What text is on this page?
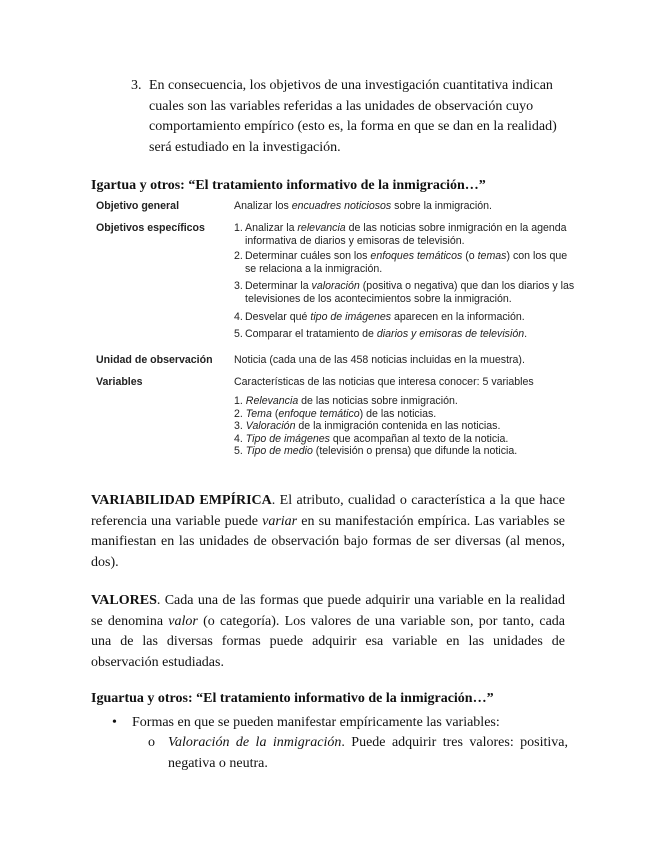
3. En consecuencia, los objetivos de una investigación cuantitativa indican cuales son las variables referidas a las unidades de observación cuyo comportamiento empírico (esto es, la forma en que se dan en la realidad) será estudiado en la investigación.
Igartua y otros: “El tratamiento informativo de la inmigración…”
Objetivo general	Analizar los encuadres noticiosos sobre la inmigración.
Objetivos específicos	1. Analizar la relevancia de las noticias sobre inmigración en la agenda informativa de diarios y emisoras de televisión.
2. Determinar cuáles son los enfoques temáticos (o temas) con los que se relaciona a la inmigración.
3. Determinar la valoración (positiva o negativa) que dan los diarios y las televisiones de los acontecimientos sobre la inmigración.
4. Desvelar qué tipo de imágenes aparecen en la información.
5. Comparar el tratamiento de diarios y emisoras de televisión.
Unidad de observación	Noticia (cada una de las 458 noticias incluidas en la muestra).
Variables	Características de las noticias que interesa conocer: 5 variables
1. Relevancia de las noticias sobre inmigración.
2. Tema (enfoque temático) de las noticias.
3. Valoración de la inmigración contenida en las noticias.
4. Tipo de imágenes que acompañan al texto de la noticia.
5. Tipo de medio (televisión o prensa) que difunde la noticia.
VARIABILIDAD EMPÍRICA. El atributo, cualidad o característica a la que hace referencia una variable puede variar en su manifestación empírica. Las variables se manifiestan en las unidades de observación bajo formas de ser diversas (al menos, dos).
VALORES. Cada una de las formas que puede adquirir una variable en la realidad se denomina valor (o categoría). Los valores de una variable son, por tanto, cada una de las diversas formas puede adquirir esa variable en las unidades de observación estudiadas.
Iguartua y otros: “El tratamiento informativo de la inmigración…”
• Formas en que se pueden manifestar empíricamente las variables:
o Valoración de la inmigración. Puede adquirir tres valores: positiva, negativa o neutra.
